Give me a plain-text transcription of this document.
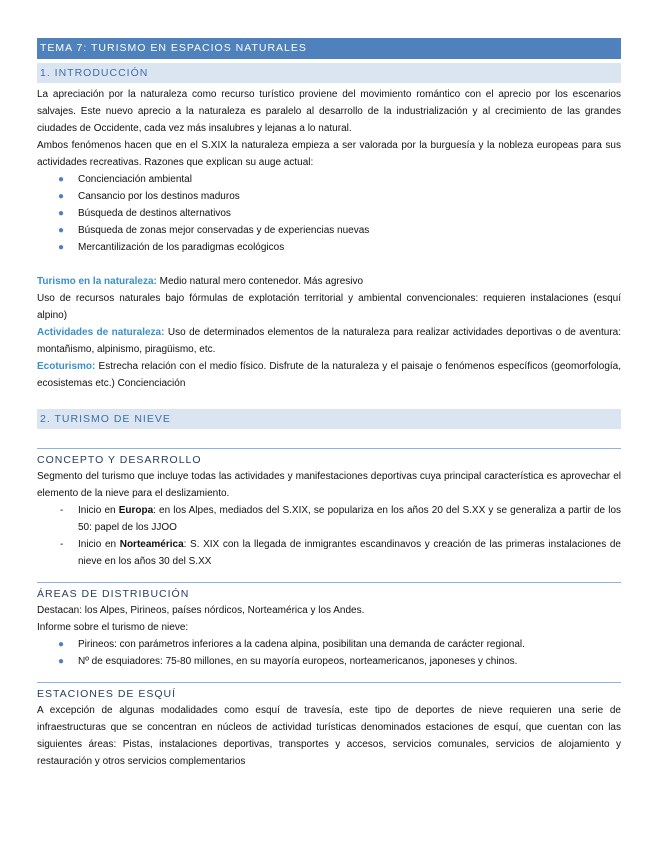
TEMA 7: TURISMO EN ESPACIOS NATURALES
1. INTRODUCCIÓN

La apreciación por la naturaleza como recurso turístico proviene del movimiento romántico con el aprecio por los escenarios salvajes. Este nuevo aprecio a la naturaleza es paralelo al desarrollo de la industrialización y al crecimiento de las grandes ciudades de Occidente, cada vez más insalubres y lejanas a lo natural.

Ambos fenómenos hacen que en el S.XIX la naturaleza empieza a ser valorada por la burguesía y la nobleza europeas para sus actividades recreativas. Razones que explican su auge actual:

● Concienciación ambiental
● Cansancio por los destinos maduros
● Búsqueda de destinos alternativos
● Búsqueda de zonas mejor conservadas y de experiencias nuevas
● Mercantilización de los paradigmas ecológicos

Turismo en la naturaleza: Medio natural mero contenedor. Más agresivo

Uso de recursos naturales bajo fórmulas de explotación territorial y ambiental convencionales: requieren instalaciones (esquí alpino)

Actividades de naturaleza: Uso de determinados elementos de la naturaleza para realizar actividades deportivas o de aventura: montañismo, alpinismo, piragüismo, etc.

Ecoturismo: Estrecha relación con el medio físico. Disfrute de la naturaleza y el paisaje o fenómenos específicos (geomorfología, ecosistemas etc.) Concienciación

2. TURISMO DE NIEVE
CONCEPTO Y DESARROLLO

Segmento del turismo que incluye todas las actividades y manifestaciones deportivas cuya principal característica es aprovechar el elemento de la nieve para el deslizamiento.

- Inicio en Europa: en los Alpes, mediados del S.XIX, se populariza en los años 20 del S.XX y se generaliza a partir de los 50: papel de los JJOO
- Inicio en Norteamérica: S. XIX con la llegada de inmigrantes escandinavos y creación de las primeras instalaciones de nieve en los años 30 del S.XX
ÁREAS DE DISTRIBUCIÓN

Destacan: los Alpes, Pirineos, países nórdicos, Norteamérica y los Andes.

Informe sobre el turismo de nieve:

● Pirineos: con parámetros inferiores a la cadena alpina, posibilitan una demanda de carácter regional.
● Nº de esquiadores: 75-80 millones, en su mayoría europeos, norteamericanos, japoneses y chinos.
ESTACIONES DE ESQUÍ

A excepción de algunas modalidades como esquí de travesía, este tipo de deportes de nieve requieren una serie de infraestructuras que se concentran en núcleos de actividad turísticas denominados estaciones de esquí, que cuentan con las siguientes áreas: Pistas, instalaciones deportivas, transportes y accesos, servicios comunales, servicios de alojamiento y restauración y otros servicios complementarios
